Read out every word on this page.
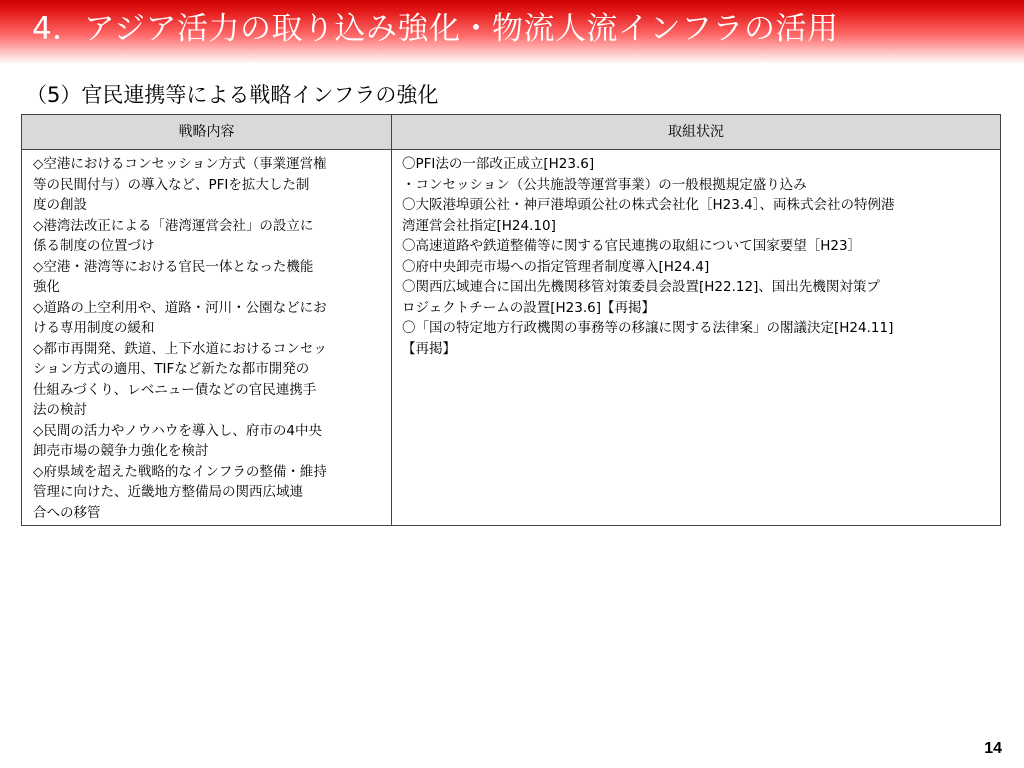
4．アジア活力の取り込み強化・物流人流インフラの活用
（5）官民連携等による戦略インフラの強化
戦略内容	取組状況

◇空港におけるコンセッション方式（事業運営権
等の民間付与）の導入など、PFIを拡大した制
度の創設

◇港湾法改正による「港湾運営会社」の設立に
係る制度の位置づけ

◇空港・港湾等における官民一体となった機能
強化

◇道路の上空利用や、道路・河川・公園などにお
ける専用制度の緩和

◇都市再開発、鉄道、上下水道におけるコンセッ
ション方式の適用、TIFなど新たな都市開発の
仕組みづくり、レベニュー債などの官民連携手
法の検討

◇民間の活力やノウハウを導入し、府市の4中央
卸売市場の競争力強化を検討

◇府県域を超えた戦略的なインフラの整備・維持
管理に向けた、近畿地方整備局の関西広域連
合への移管

〇PFI法の一部改正成立[H23.6]
・コンセッション（公共施設等運営事業）の一般根拠規定盛り込み

〇大阪港埠頭公社・神戸港埠頭公社の株式会社化［H23.4］、両株式会社の特例港
湾運営会社指定[H24.10]

〇高速道路や鉄道整備等に関する官民連携の取組について国家要望［H23］

〇府中央卸売市場への指定管理者制度導入[H24.4]

〇関西広域連合に国出先機関移管対策委員会設置[H22.12]、国出先機関対策プ
ロジェクトチームの設置[H23.6]【再掲】

〇「国の特定地方行政機関の事務等の移譲に関する法律案」の閣議決定[H24.11]
【再掲】

14
